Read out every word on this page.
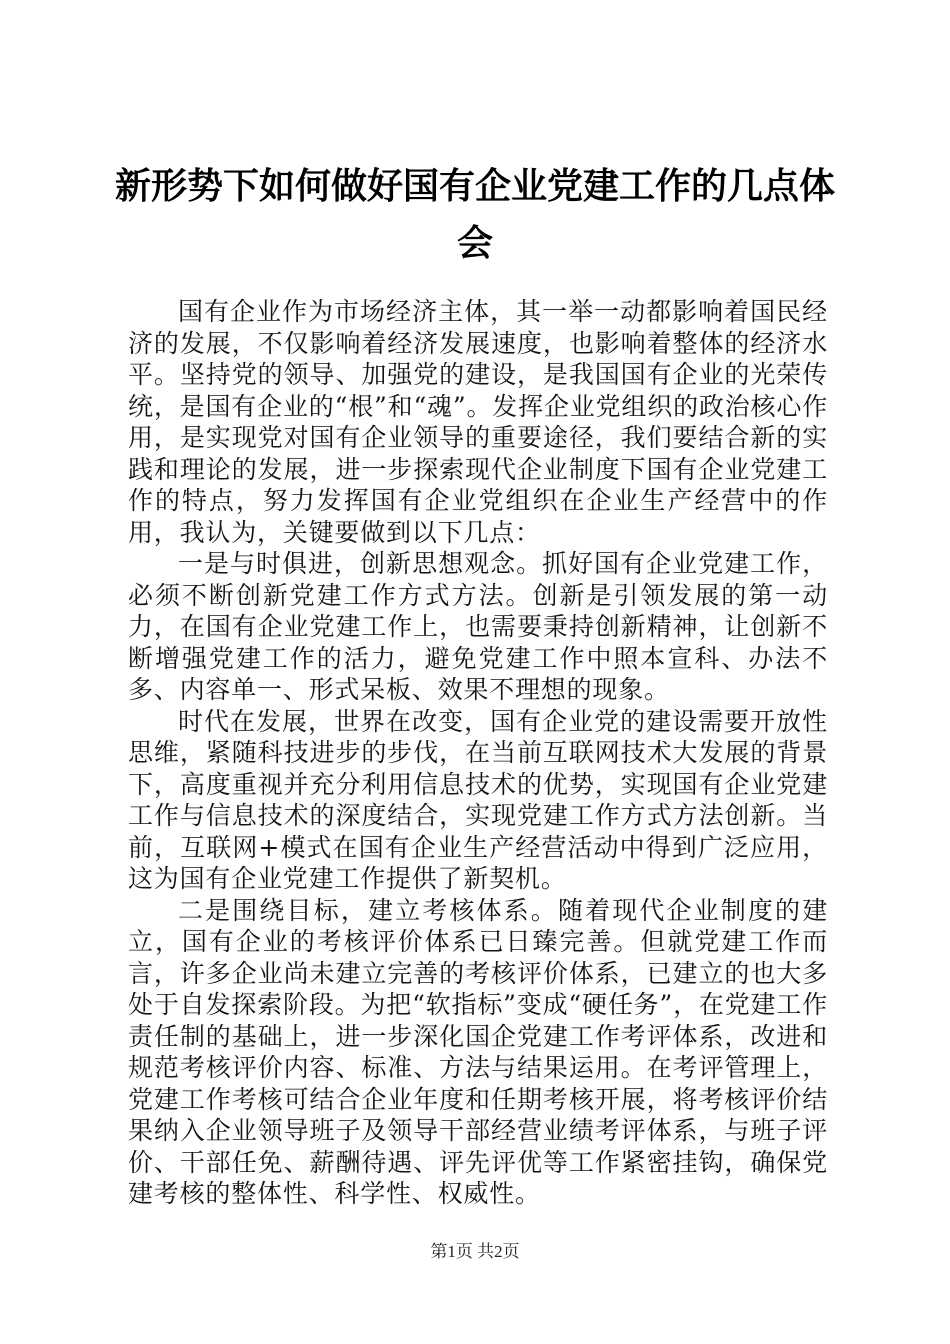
新形势下如何做好国有企业党建工作的几点体会

国有企业作为市场经济主体，其一举一动都影响着国民经济的发展，不仅影响着经济发展速度，也影响着整体的经济水平。坚持党的领导、加强党的建设，是我国国有企业的光荣传统，是国有企业的“根”和“魂”。发挥企业党组织的政治核心作用，是实现党对国有企业领导的重要途径，我们要结合新的实践和理论的发展，进一步探索现代企业制度下国有企业党建工作的特点，努力发挥国有企业党组织在企业生产经营中的作用，我认为，关键要做到以下几点：

一是与时俱进，创新思想观念。抓好国有企业党建工作，必须不断创新党建工作方式方法。创新是引领发展的第一动力，在国有企业党建工作上，也需要秉持创新精神，让创新不断增强党建工作的活力，避免党建工作中照本宣科、办法不多、内容单一、形式呆板、效果不理想的现象。

时代在发展，世界在改变，国有企业党的建设需要开放性思维，紧随科技进步的步伐，在当前互联网技术大发展的背景下，高度重视并充分利用信息技术的优势，实现国有企业党建工作与信息技术的深度结合，实现党建工作方式方法创新。当前，互联网+模式在国有企业生产经营活动中得到广泛应用，这为国有企业党建工作提供了新契机。

二是围绕目标，建立考核体系。随着现代企业制度的建立，国有企业的考核评价体系已日臻完善。但就党建工作而言，许多企业尚未建立完善的考核评价体系，已建立的也大多处于自发探索阶段。为把“软指标”变成“硬任务”，在党建工作责任制的基础上，进一步深化国企党建工作考评体系，改进和规范考核评价内容、标准、方法与结果运用。在考评管理上，党建工作考核可结合企业年度和任期考核开展，将考核评价结果纳入企业领导班子及领导干部经营业绩考评体系，与班子评价、干部任免、薪酬待遇、评先评优等工作紧密挂钩，确保党建考核的整体性、科学性、权威性。

第1页 共2页
